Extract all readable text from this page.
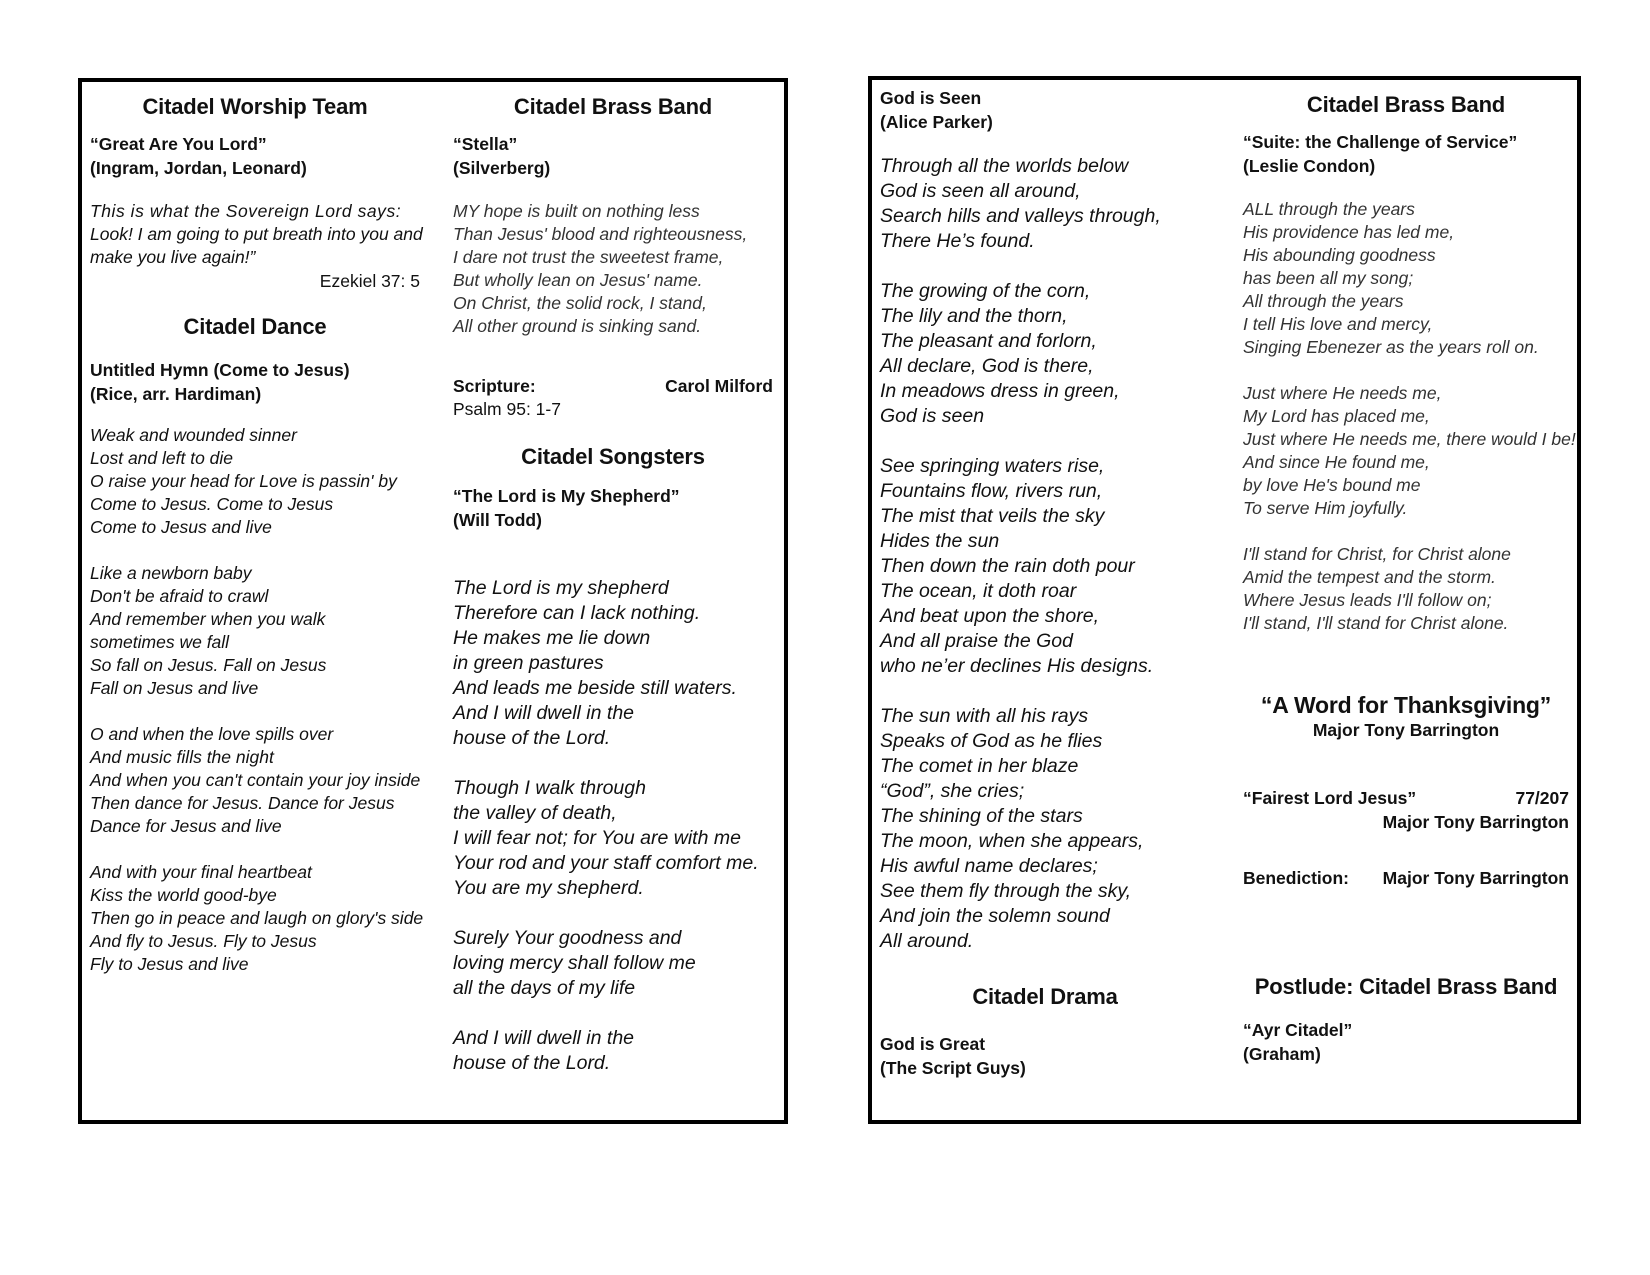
Citadel Worship Team
“Great Are You Lord”
(Ingram, Jordan, Leonard)
This is what the Sovereign Lord says:
Look! I am going to put breath into you and
make you live again!”
Ezekiel 37: 5
Citadel Dance
Untitled Hymn (Come to Jesus)
(Rice, arr. Hardiman)
Weak and wounded sinner
Lost and left to die
O raise your head for Love is passin' by
Come to Jesus. Come to Jesus
Come to Jesus and live
Like a newborn baby
Don't be afraid to crawl
And remember when you walk
sometimes we fall
So fall on Jesus. Fall on Jesus
Fall on Jesus and live
O and when the love spills over
And music fills the night
And when you can't contain your joy inside
Then dance for Jesus. Dance for Jesus
Dance for Jesus and live
And with your final heartbeat
Kiss the world good-bye
Then go in peace and laugh on glory's side
And fly to Jesus. Fly to Jesus
Fly to Jesus and live
Citadel Brass Band
“Stella”
(Silverberg)
MY hope is built on nothing less
Than Jesus' blood and righteousness,
I dare not trust the sweetest frame,
But wholly lean on Jesus' name.
On Christ, the solid rock, I stand,
All other ground is sinking sand.
Scripture:	Carol Milford
Psalm 95: 1-7
Citadel Songsters
“The Lord is My Shepherd”
(Will Todd)
The Lord is my shepherd
Therefore can I lack nothing.
He makes me lie down
in green pastures
And leads me beside still waters.
And I will dwell in the
house of the Lord.
Though I walk through
the valley of death,
I will fear not; for You are with me
Your rod and your staff comfort me.
You are my shepherd.
Surely Your goodness and
loving mercy shall follow me
all the days of my life
And I will dwell in the
house of the Lord.
God is Seen
(Alice Parker)
Through all the worlds below
God is seen all around,
Search hills and valleys through,
There He’s found.
The growing of the corn,
The lily and the thorn,
The pleasant and forlorn,
All declare, God is there,
In meadows dress in green,
God is seen
See springing waters rise,
Fountains flow, rivers run,
The mist that veils the sky
Hides the sun
Then down the rain doth pour
The ocean, it doth roar
And beat upon the shore,
And all praise the God
who ne’er declines His designs.
The sun with all his rays
Speaks of God as he flies
The comet in her blaze
“God”, she cries;
The shining of the stars
The moon, when she appears,
His awful name declares;
See them fly through the sky,
And join the solemn sound
All around.
Citadel Drama
God is Great
(The Script Guys)
Citadel Brass Band
“Suite: the Challenge of Service”
(Leslie Condon)
ALL through the years
His providence has led me,
His abounding goodness
has been all my song;
All through the years
I tell His love and mercy,
Singing Ebenezer as the years roll on.
Just where He needs me,
My Lord has placed me,
Just where He needs me, there would I be!
And since He found me,
by love He's bound me
To serve Him joyfully.
I'll stand for Christ, for Christ alone
Amid the tempest and the storm.
Where Jesus leads I'll follow on;
I'll stand, I'll stand for Christ alone.
“A Word for Thanksgiving”
Major Tony Barrington
“Fairest Lord Jesus”	77/207
Major Tony Barrington
Benediction: Major Tony Barrington
Postlude: Citadel Brass Band
“Ayr Citadel”
(Graham)
